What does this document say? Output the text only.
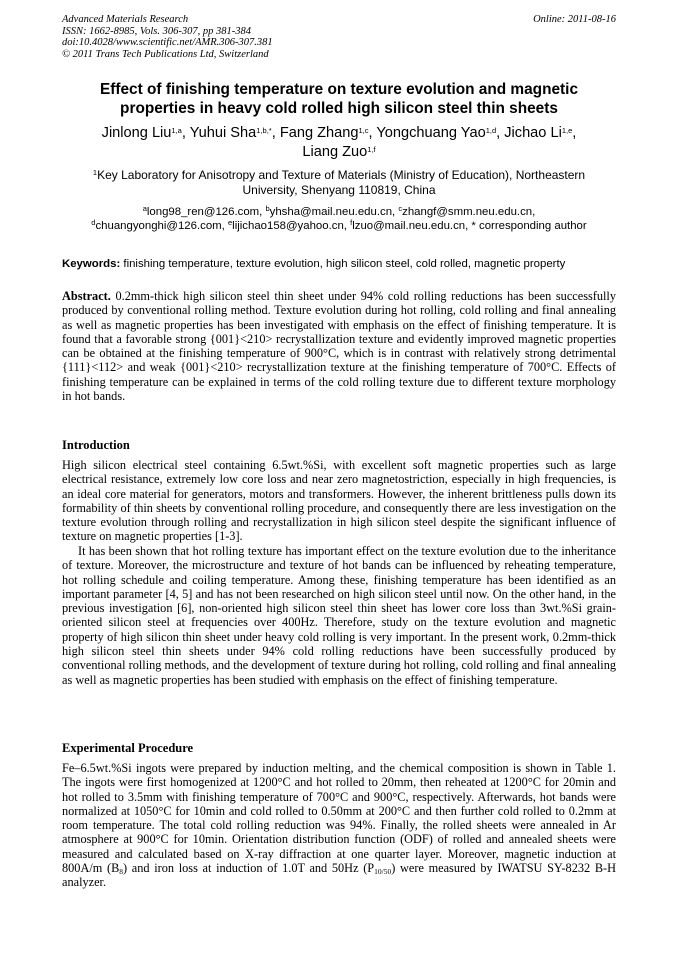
Advanced Materials Research
ISSN: 1662-8985, Vols. 306-307, pp 381-384
doi:10.4028/www.scientific.net/AMR.306-307.381
© 2011 Trans Tech Publications Ltd, Switzerland
Online: 2011-08-16
Effect of finishing temperature on texture evolution and magnetic properties in heavy cold rolled high silicon steel thin sheets
Jinlong Liu$^{1,a}$, Yuhui Sha$^{1,b,*}$, Fang Zhang$^{1,c}$, Yongchuang Yao$^{1,d}$, Jichao Li$^{1,e}$,
Liang Zuo$^{1,f}$
$^1$Key Laboratory for Anisotropy and Texture of Materials (Ministry of Education), Northeastern
University, Shenyang 110819, China
$^a$long98_ren@126.com, $^b$yhsha@mail.neu.edu.cn, $^c$zhangf@smm.neu.edu.cn,
$^d$chuangyonghi@126.com, $^e$lijichao158@yahoo.cn, $^f$lzuo@mail.neu.edu.cn, * corresponding author
Keywords: finishing temperature, texture evolution, high silicon steel, cold rolled, magnetic property
Abstract. 0.2mm-thick high silicon steel thin sheet under 94% cold rolling reductions has been successfully produced by conventional rolling method. Texture evolution during hot rolling, cold rolling and final annealing as well as magnetic properties has been investigated with emphasis on the effect of finishing temperature. It is found that a favorable strong {001}<210> recrystallization texture and evidently improved magnetic properties can be obtained at the finishing temperature of 900°C, which is in contrast with relatively strong detrimental {111}<112> and weak {001}<210> recrystallization texture at the finishing temperature of 700°C. Effects of finishing temperature can be explained in terms of the cold rolling texture due to different texture morphology in hot bands.
Introduction

High silicon electrical steel containing 6.5wt.%Si, with excellent soft magnetic properties such as large electrical resistance, extremely low core loss and near zero magnetostriction, especially in high frequencies, is an ideal core material for generators, motors and transformers. However, the inherent brittleness pulls down its formability of thin sheets by conventional rolling procedure, and consequently there are less investigation on the texture evolution through rolling and recrystallization in high silicon steel despite the significant influence of texture on magnetic properties [1-3].

It has been shown that hot rolling texture has important effect on the texture evolution due to the inheritance of texture. Moreover, the microstructure and texture of hot bands can be influenced by reheating temperature, hot rolling schedule and coiling temperature. Among these, finishing temperature has been identified as an important parameter [4, 5] and has not been researched on high silicon steel until now. On the other hand, in the previous investigation [6], non-oriented high silicon steel thin sheet has lower core loss than 3wt.%Si grain-oriented silicon steel at frequencies over 400Hz. Therefore, study on the texture evolution and magnetic property of high silicon thin sheet under heavy cold rolling is very important. In the present work, 0.2mm-thick high silicon steel thin sheets under 94% cold rolling reductions have been successfully produced by conventional rolling methods, and the development of texture during hot rolling, cold rolling and final annealing as well as magnetic properties has been studied with emphasis on the effect of finishing temperature.

Experimental Procedure

Fe–6.5wt.%Si ingots were prepared by induction melting, and the chemical composition is shown in Table 1. The ingots were first homogenized at 1200°C and hot rolled to 20mm, then reheated at 1200°C for 20min and hot rolled to 3.5mm with finishing temperature of 700°C and 900°C, respectively. Afterwards, hot bands were normalized at 1050°C for 10min and cold rolled to 0.50mm at 200°C and then further cold rolled to 0.2mm at room temperature. The total cold rolling reduction was 94%. Finally, the rolled sheets were annealed in Ar atmosphere at 900°C for 10min. Orientation distribution function (ODF) of rolled and annealed sheets were measured and calculated based on X-ray diffraction at one quarter layer. Moreover, magnetic induction at 800A/m $(B_8)$ and iron loss at induction of 1.0T and 50Hz $(P_{10/50})$ were measured by IWATSU SY-8232 B-H analyzer.
